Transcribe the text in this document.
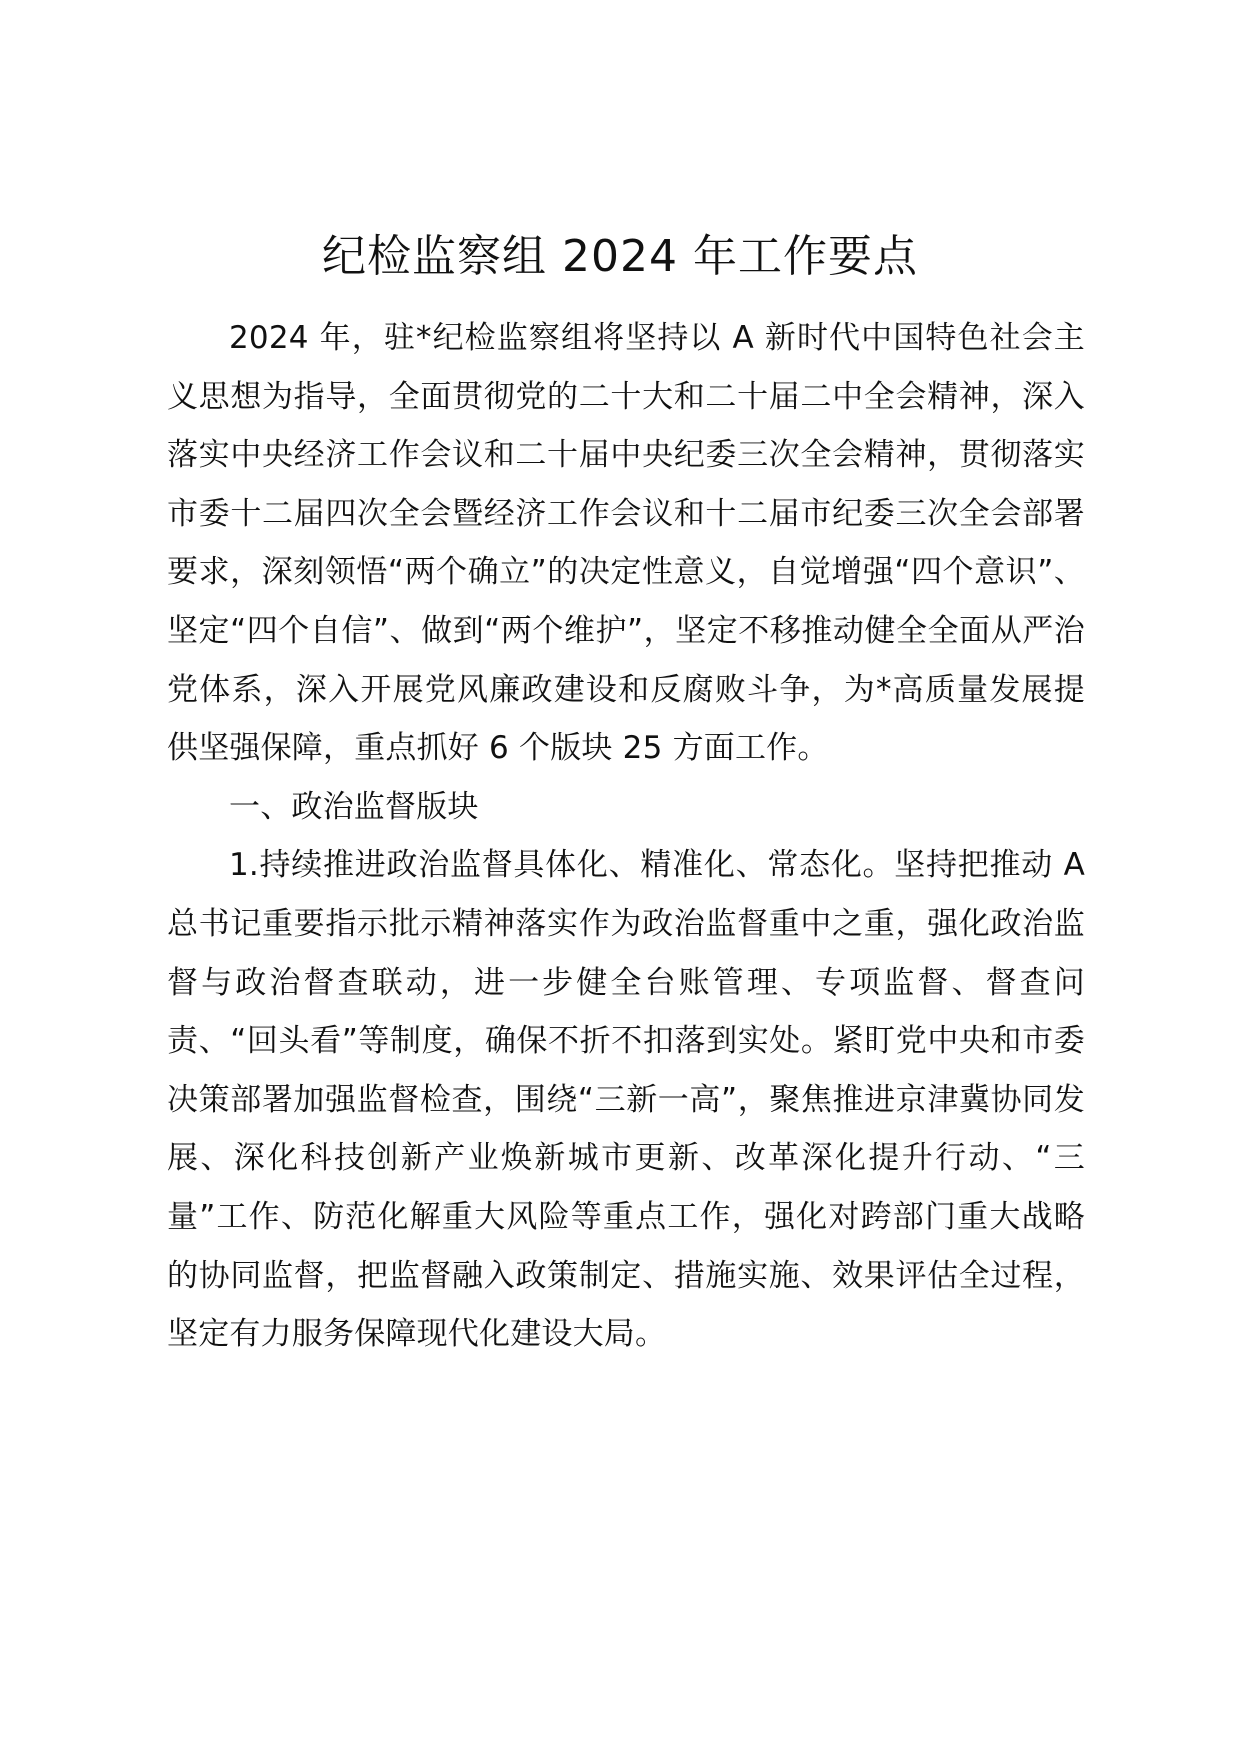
纪检监察组 2024 年工作要点

2024 年，驻*纪检监察组将坚持以 A 新时代中国特色社会主义思想为指导，全面贯彻党的二十大和二十届二中全会精神，深入落实中央经济工作会议和二十届中央纪委三次全会精神，贯彻落实市委十二届四次全会暨经济工作会议和十二届市纪委三次全会部署要求，深刻领悟“两个确立”的决定性意义，自觉增强“四个意识”、坚定“四个自信”、做到“两个维护”，坚定不移推动健全全面从严治党体系，深入开展党风廉政建设和反腐败斗争，为*高质量发展提供坚强保障，重点抓好 6 个版块 25 方面工作。

一、政治监督版块

1.持续推进政治监督具体化、精准化、常态化。坚持把推动 A 总书记重要指示批示精神落实作为政治监督重中之重，强化政治监督与政治督查联动，进一步健全台账管理、专项监督、督查问责、“回头看”等制度，确保不折不扣落到实处。紧盯党中央和市委决策部署加强监督检查，围绕“三新一高”，聚焦推进京津冀协同发展、深化科技创新产业焕新城市更新、改革深化提升行动、“三量”工作、防范化解重大风险等重点工作，强化对跨部门重大战略的协同监督，把监督融入政策制定、措施实施、效果评估全过程，坚定有力服务保障现代化建设大局。
